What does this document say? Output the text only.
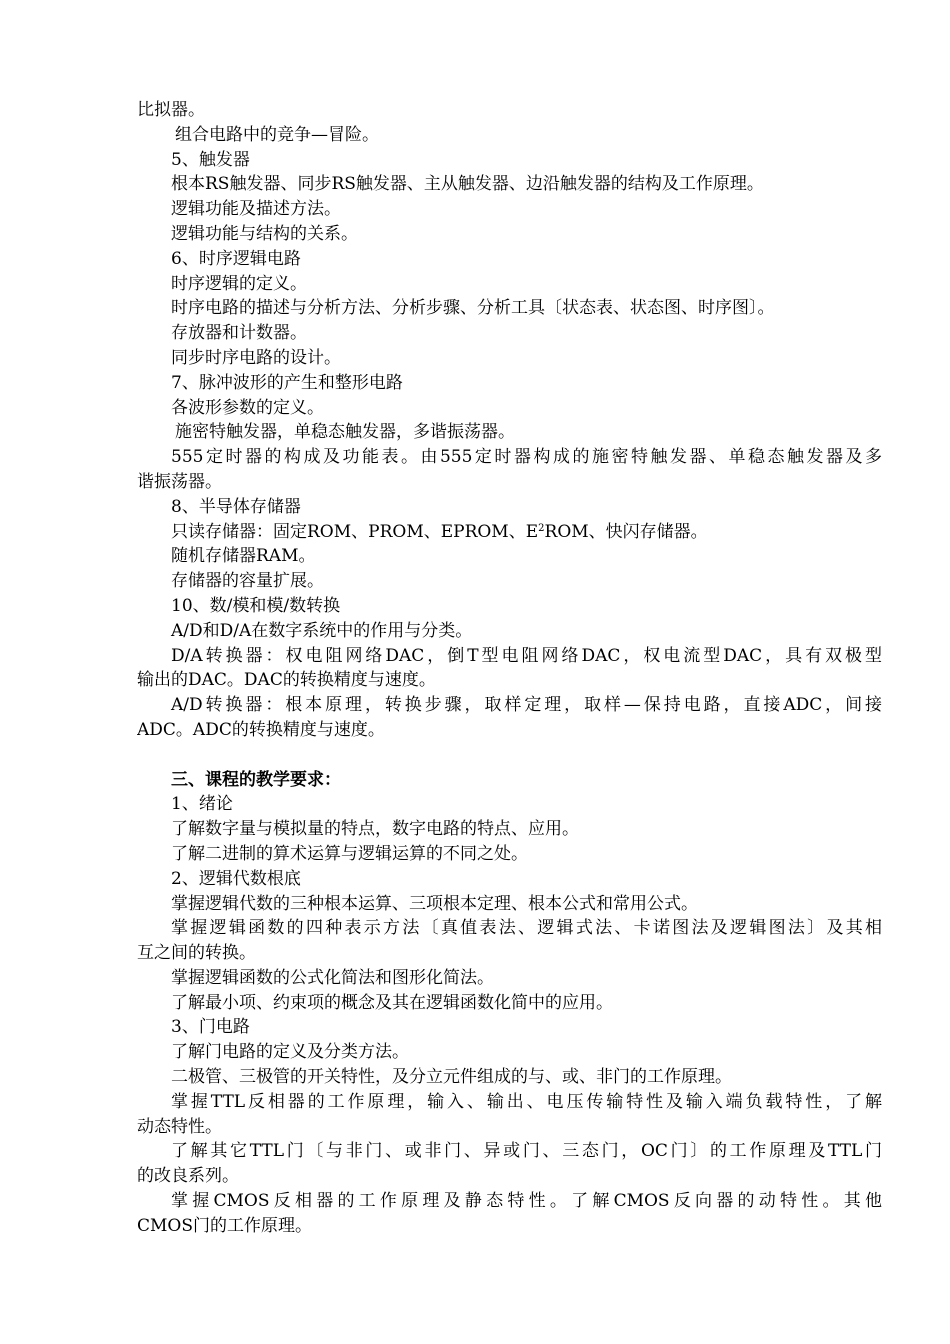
比拟器。
组合电路中的竞争—冒险。
5、触发器
根本RS触发器、同步RS触发器、主从触发器、边沿触发器的结构及工作原理。
逻辑功能及描述方法。
逻辑功能与结构的关系。
6、时序逻辑电路
时序逻辑的定义。
时序电路的描述与分析方法、分析步骤、分析工具〔状态表、状态图、时序图〕。
存放器和计数器。
同步时序电路的设计。
7、脉冲波形的产生和整形电路
各波形参数的定义。
施密特触发器，单稳态触发器，多谐振荡器。
555定时器的构成及功能表。由555定时器构成的施密特触发器、单稳态触发器及多
谐振荡器。
8、半导体存储器
只读存储器：固定ROM、PROM、EPROM、$E^2ROM$、快闪存储器。
随机存储器RAM。
存储器的容量扩展。
10、数/模和模/数转换
A/D和D/A在数字系统中的作用与分类。
D/A转换器：权电阻网络DAC，倒T型电阻网络DAC，权电流型DAC，具有双极型
输出的DAC。DAC的转换精度与速度。
A/D转换器：根本原理，转换步骤，取样定理，取样—保持电路，直接ADC，间接
ADC。ADC的转换精度与速度。
三、课程的教学要求：
1、绪论
了解数字量与模拟量的特点，数字电路的特点、应用。
了解二进制的算术运算与逻辑运算的不同之处。
2、逻辑代数根底
掌握逻辑代数的三种根本运算、三项根本定理、根本公式和常用公式。
掌握逻辑函数的四种表示方法〔真值表法、逻辑式法、卡诺图法及逻辑图法〕及其相
互之间的转换。
掌握逻辑函数的公式化简法和图形化简法。
了解最小项、约束项的概念及其在逻辑函数化简中的应用。
3、门电路
了解门电路的定义及分类方法。
二极管、三极管的开关特性，及分立元件组成的与、或、非门的工作原理。
掌握TTL反相器的工作原理，输入、输出、电压传输特性及输入端负载特性，了解
动态特性。
了解其它TTL门〔与非门、或非门、异或门、三态门，OC门〕的工作原理及TTL门
的改良系列。
掌握CMOS反相器的工作原理及静态特性。了解CMOS反向器的动特性。其他
CMOS门的工作原理。
